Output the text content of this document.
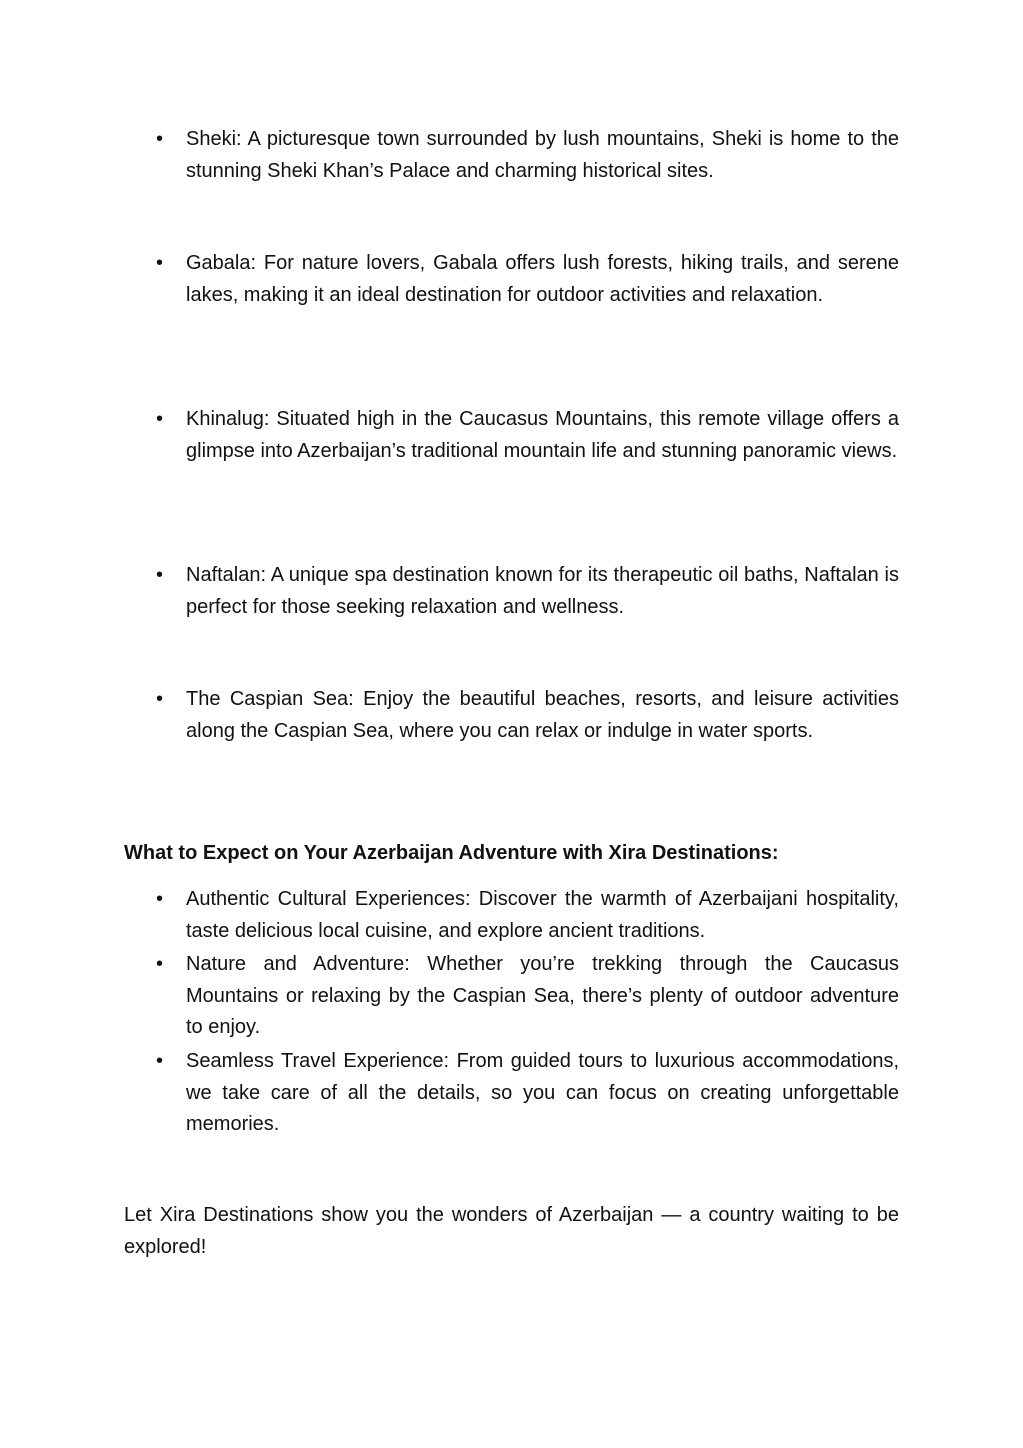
• Sheki: A picturesque town surrounded by lush mountains, Sheki is home to the stunning Sheki Khan’s Palace and charming historical sites.
• Gabala: For nature lovers, Gabala offers lush forests, hiking trails, and serene lakes, making it an ideal destination for outdoor activities and relaxation.
• Khinalug: Situated high in the Caucasus Mountains, this remote village offers a glimpse into Azerbaijan’s traditional mountain life and stunning panoramic views.
• Naftalan: A unique spa destination known for its therapeutic oil baths, Naftalan is perfect for those seeking relaxation and wellness.
• The Caspian Sea: Enjoy the beautiful beaches, resorts, and leisure activities along the Caspian Sea, where you can relax or indulge in water sports.

What to Expect on Your Azerbaijan Adventure with Xira Destinations:

• Authentic Cultural Experiences: Discover the warmth of Azerbaijani hospitality, taste delicious local cuisine, and explore ancient traditions.
• Nature and Adventure: Whether you’re trekking through the Caucasus Mountains or relaxing by the Caspian Sea, there’s plenty of outdoor adventure to enjoy.
• Seamless Travel Experience: From guided tours to luxurious accommodations, we take care of all the details, so you can focus on creating unforgettable memories.

Let Xira Destinations show you the wonders of Azerbaijan — a country waiting to be explored!
